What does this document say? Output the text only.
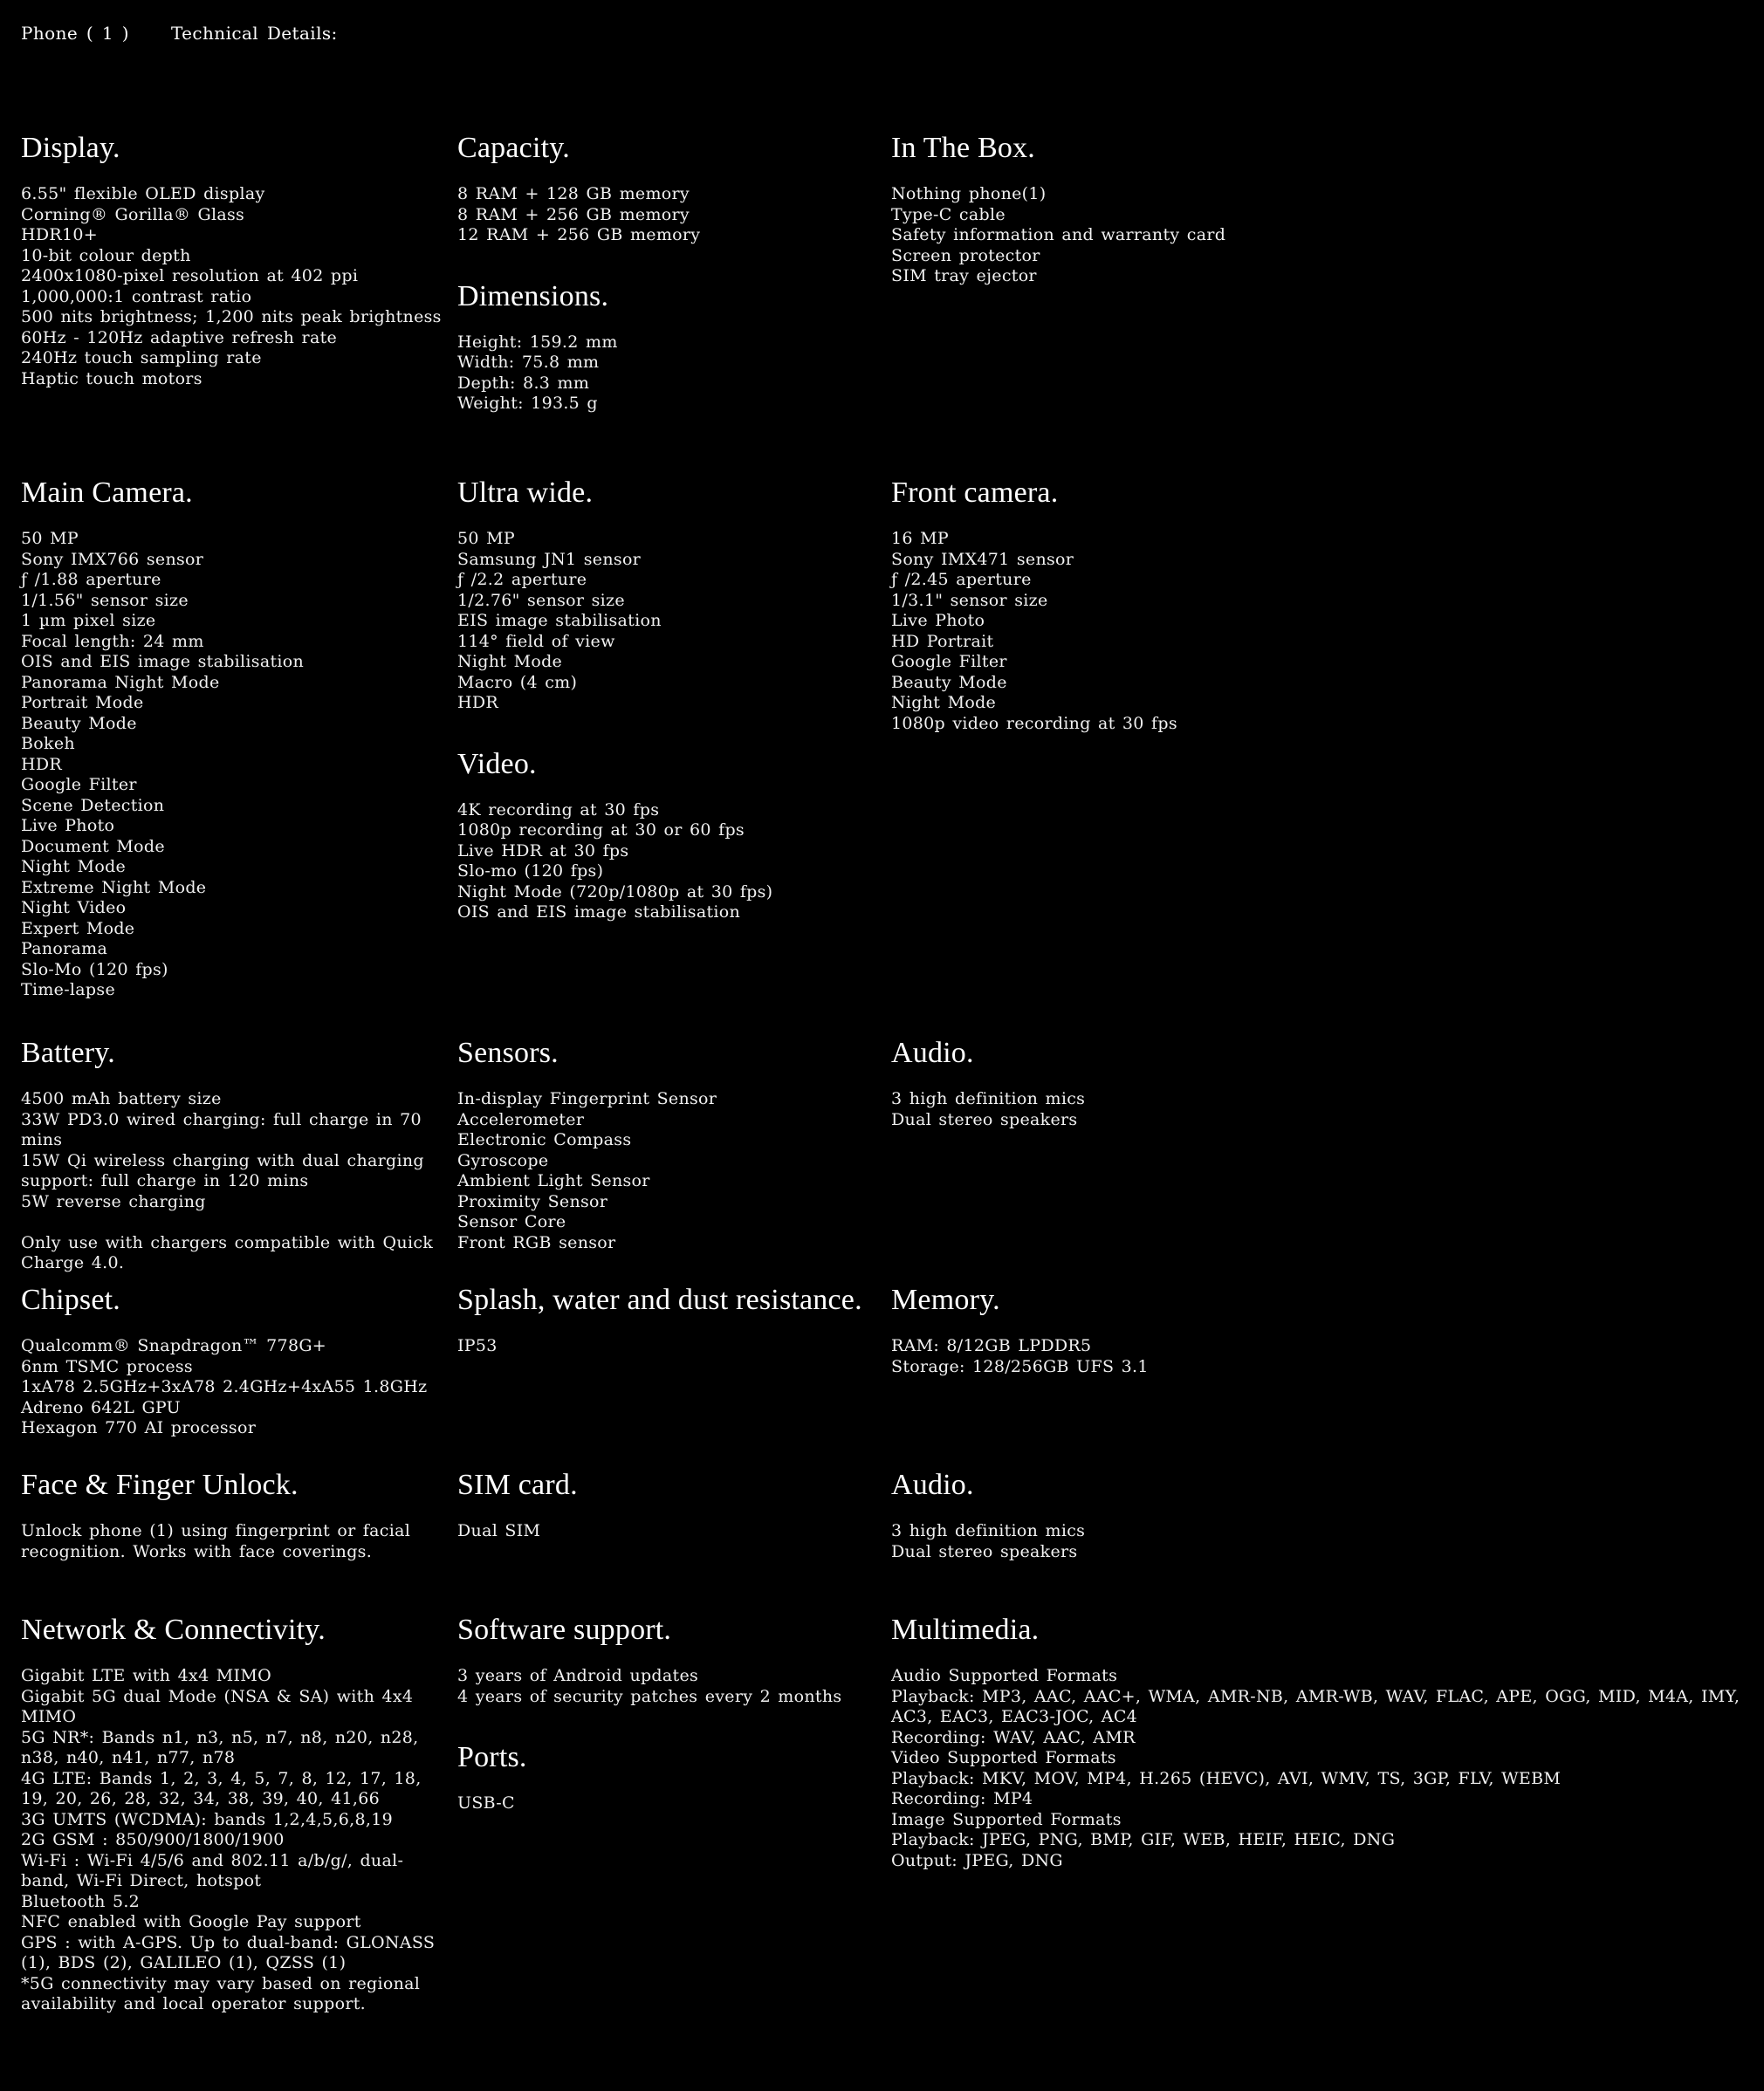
Phone ( 1 )	Technical Details:
Display.
6.55" flexible OLED display
Corning® Gorilla® Glass
HDR10+
10-bit colour depth
2400x1080-pixel resolution at 402 ppi
1,000,000:1 contrast ratio
500 nits brightness; 1,200 nits peak brightness
60Hz - 120Hz adaptive refresh rate
240Hz touch sampling rate
Haptic touch motors
Capacity.
8 RAM + 128 GB memory
8 RAM + 256 GB memory
12 RAM + 256 GB memory
Dimensions.
Height: 159.2 mm
Width: 75.8 mm
Depth: 8.3 mm
Weight: 193.5 g
In The Box.
Nothing phone(1)
Type-C cable
Safety information and warranty card
Screen protector
SIM tray ejector
Main Camera.
50 MP
Sony IMX766 sensor
ƒ /1.88 aperture
1/1.56" sensor size
1 µm pixel size
Focal length: 24 mm
OIS and EIS image stabilisation
Panorama Night Mode
Portrait Mode
Beauty Mode
Bokeh
HDR
Google Filter
Scene Detection
Live Photo
Document Mode
Night Mode
Extreme Night Mode
Night Video
Expert Mode
Panorama
Slo-Mo (120 fps)
Time-lapse
Ultra wide.
50 MP
Samsung JN1 sensor
ƒ /2.2 aperture
1/2.76" sensor size
EIS image stabilisation
114° field of view
Night Mode
Macro (4 cm)
HDR
Video.
4K recording at 30 fps
1080p recording at 30 or 60 fps
Live HDR at 30 fps
Slo-mo (120 fps)
Night Mode (720p/1080p at 30 fps)
OIS and EIS image stabilisation
Front camera.
16 MP
Sony IMX471 sensor
ƒ /2.45 aperture
1/3.1" sensor size
Live Photo
HD Portrait
Google Filter
Beauty Mode
Night Mode
1080p video recording at 30 fps
Battery.
4500 mAh battery size
33W PD3.0 wired charging: full charge in 70 mins
15W Qi wireless charging with dual charging support: full charge in 120 mins
5W reverse charging
Only use with chargers compatible with Quick Charge 4.0.
Sensors.
In-display Fingerprint Sensor
Accelerometer
Electronic Compass
Gyroscope
Ambient Light Sensor
Proximity Sensor
Sensor Core
Front RGB sensor
Audio.
3 high definition mics
Dual stereo speakers
Chipset.
Qualcomm® Snapdragon™ 778G+
6nm TSMC process
1xA78 2.5GHz+3xA78 2.4GHz+4xA55 1.8GHz
Adreno 642L GPU
Hexagon 770 AI processor
Splash, water and dust resistance.
IP53
Memory.
RAM: 8/12GB LPDDR5
Storage: 128/256GB UFS 3.1
Face & Finger Unlock.
Unlock phone (1) using fingerprint or facial recognition. Works with face coverings.
SIM card.
Dual SIM
Audio.
3 high definition mics
Dual stereo speakers
Network & Connectivity.
Gigabit LTE with 4x4 MIMO
Gigabit 5G dual Mode (NSA & SA) with 4x4 MIMO
5G NR*: Bands n1, n3, n5, n7, n8, n20, n28, n38, n40, n41, n77, n78
4G LTE: Bands 1, 2, 3, 4, 5, 7, 8, 12, 17, 18, 19, 20, 26, 28, 32, 34, 38, 39, 40, 41,66
3G UMTS (WCDMA): bands 1,2,4,5,6,8,19
2G GSM : 850/900/1800/1900
Wi-Fi : Wi-Fi 4/5/6 and 802.11 a/b/g/, dual-band, Wi-Fi Direct, hotspot
Bluetooth 5.2
NFC enabled with Google Pay support
GPS : with A-GPS. Up to dual-band: GLONASS (1), BDS (2), GALILEO (1), QZSS (1)
*5G connectivity may vary based on regional availability and local operator support.
Software support.
3 years of Android updates
4 years of security patches every 2 months
Ports.
USB-C
Multimedia.
Audio Supported Formats
Playback: MP3, AAC, AAC+, WMA, AMR-NB, AMR-WB, WAV, FLAC, APE, OGG, MID, M4A, IMY, AC3, EAC3, EAC3-JOC, AC4
Recording: WAV, AAC, AMR
Video Supported Formats
Playback: MKV, MOV, MP4, H.265 (HEVC), AVI, WMV, TS, 3GP, FLV, WEBM
Recording: MP4
Image Supported Formats
Playback: JPEG, PNG, BMP, GIF, WEB, HEIF, HEIC, DNG
Output: JPEG, DNG
